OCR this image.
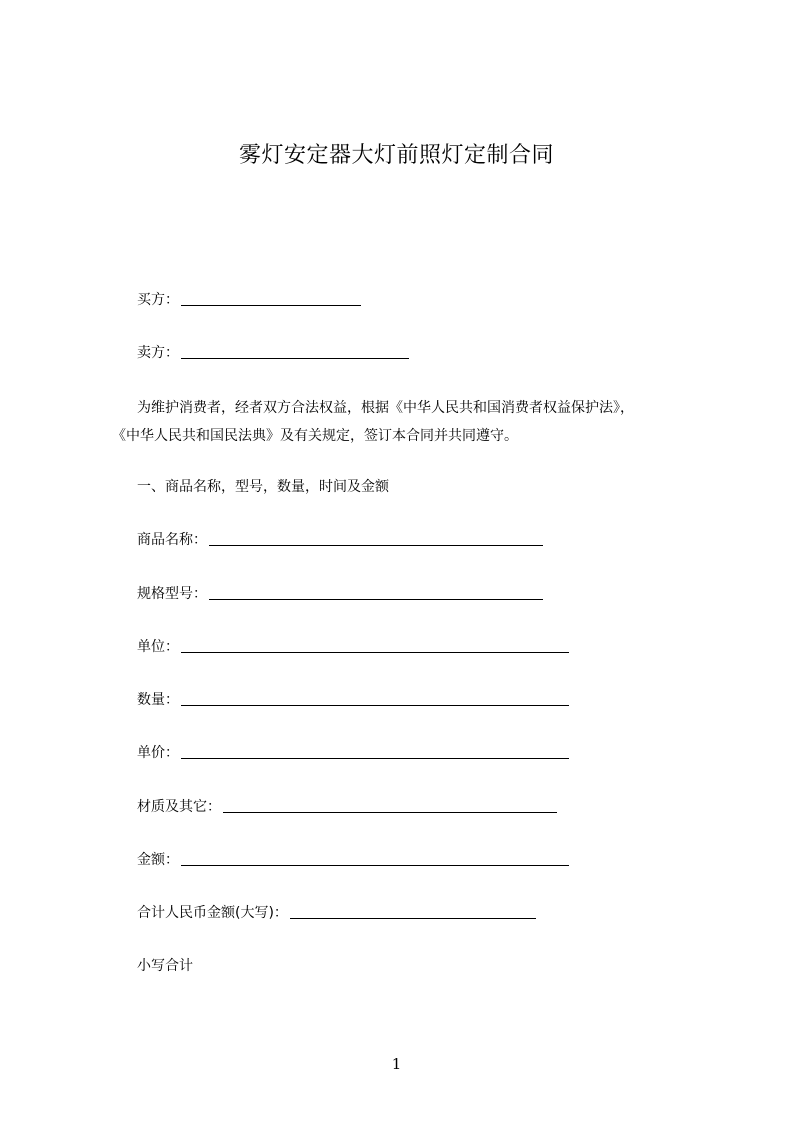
雾灯安定器大灯前照灯定制合同
买方：
卖方：
为维护消费者，经者双方合法权益，根据《中华人民共和国消费者权益保护法》，
《中华人民共和国民法典》及有关规定，签订本合同并共同遵守。
一、商品名称，型号，数量，时间及金额
商品名称：
规格型号：
单位：
数量：
单价：
材质及其它：
金额：
合计人民币金额(大写)：
小写合计
1
